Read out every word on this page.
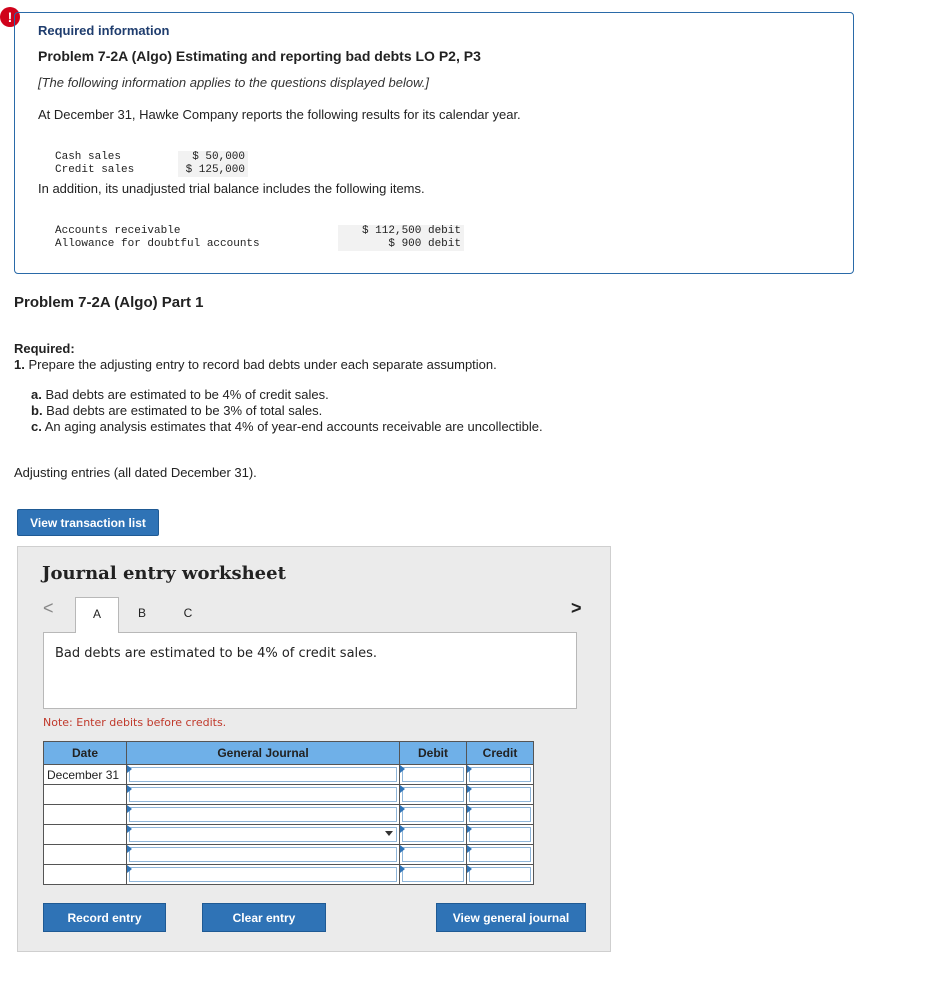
!
Required information
Problem 7-2A (Algo) Estimating and reporting bad debts LO P2, P3
[The following information applies to the questions displayed below.]
At December 31, Hawke Company reports the following results for its calendar year.
Cash sales	$ 50,000
Credit sales	$ 125,000
In addition, its unadjusted trial balance includes the following items.
Accounts receivable	$ 112,500 debit
Allowance for doubtful accounts	$ 900 debit
Problem 7-2A (Algo) Part 1
Required:
1. Prepare the adjusting entry to record bad debts under each separate assumption.
a. Bad debts are estimated to be 4% of credit sales.
b. Bad debts are estimated to be 3% of total sales.
c. An aging analysis estimates that 4% of year-end accounts receivable are uncollectible.
Adjusting entries (all dated December 31).
View transaction list
Journal entry worksheet
<	>
A	B	C
Bad debts are estimated to be 4% of credit sales.
Note: Enter debits before credits.
Date	General Journal	Debit	Credit
December 31	

Record entry	Clear entry	View general journal
